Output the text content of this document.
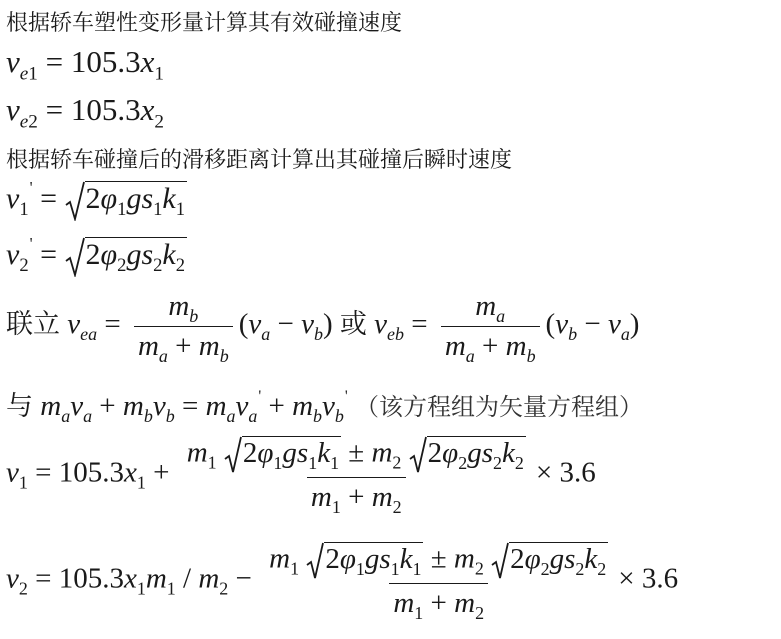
根据轿车塑性变形量计算其有效碰撞速度
$v_{e1} = 105.3x_1$
$v_{e2} = 105.3x_2$
根据轿车碰撞后的滑移距离计算出其碰撞后瞬时速度
$v_1' = 2\varphi_1gs_1k_1$
$v_2' = 2\varphi_2gs_2k_2$
联立 $v_{ea} = \frac{m_b}{m_a + m_b} (v_a - v_b)$ 或 $v_{eb} = \frac{m_a}{m_a + m_b} (v_b - v_a)$
与 $m_av_a + m_bv_b = m_av_a' + m_bv_b'$ （该方程组为矢量方程组）
$v_1 = 105.3x_1$ +
$m_1$ $2\varphi_1gs_1k_1 \pm m_2$ $2\varphi_2gs_2k_2$
$m_1 + m_2$
× 3.6
$v_2 = 105.3x_1m_1 / m_2$ −
$m_1$ $2\varphi_1gs_1k_1 \pm m_2$ $2\varphi_2gs_2k_2$
$m_1 + m_2$
× 3.6
